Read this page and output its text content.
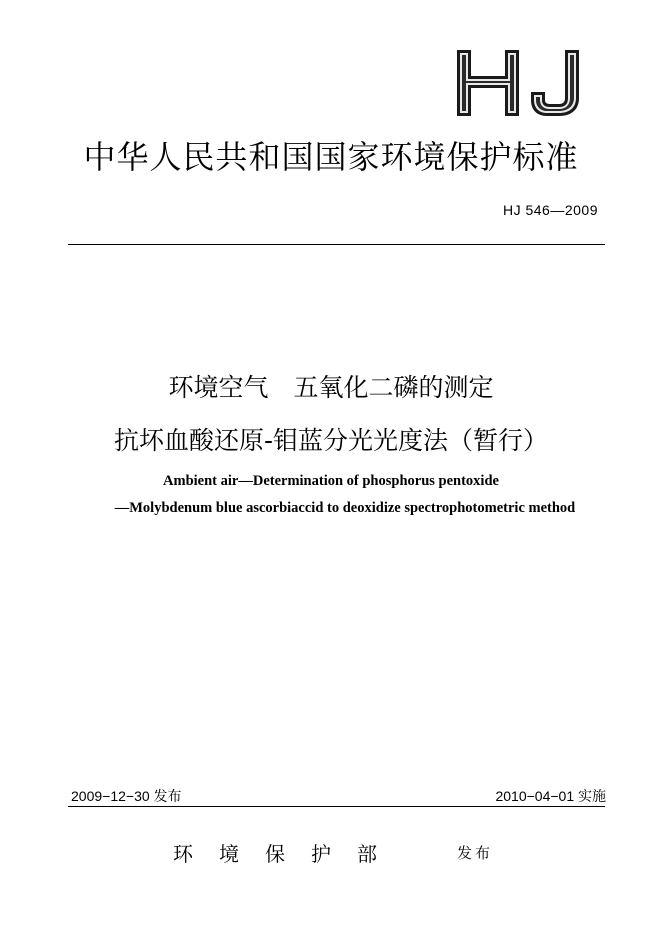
中华人民共和国国家环境保护标准
HJ 546—2009
环境空气　五氧化二磷的测定
抗坏血酸还原-钼蓝分光光度法（暂行）
Ambient air—Determination of phosphorus pentoxide
—Molybdenum blue ascorbiaccid to deoxidize spectrophotometric method
2009−12−30 发布	2010−04−01 实施
环境保护部	发布
